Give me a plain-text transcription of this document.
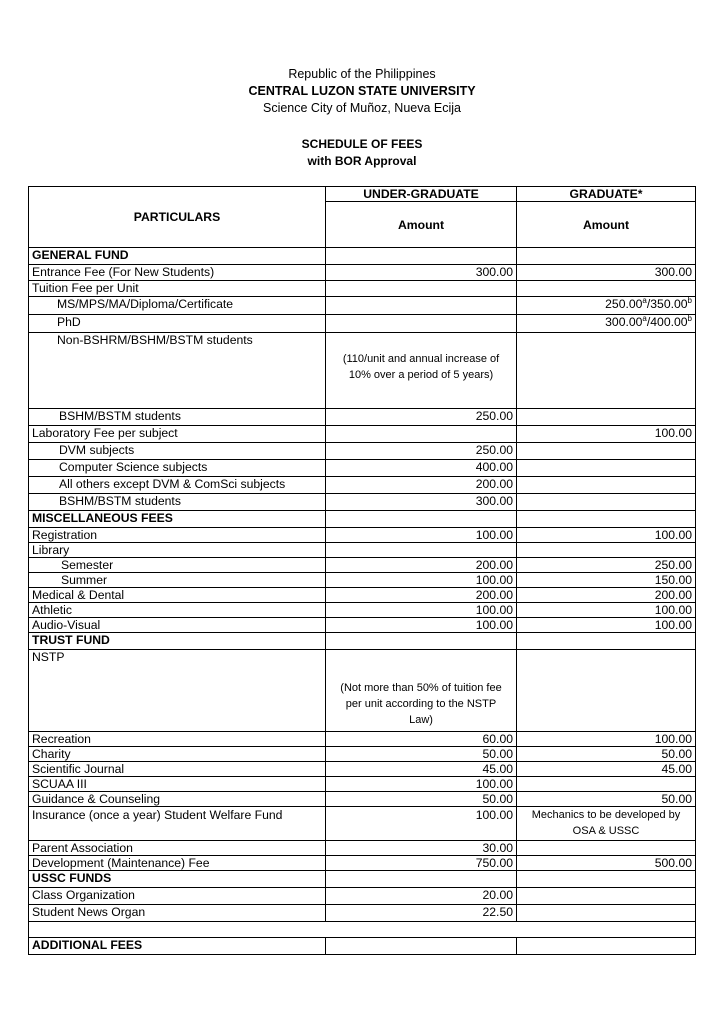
Republic of the Philippines
CENTRAL LUZON STATE UNIVERSITY
Science City of Muñoz, Nueva Ecija
SCHEDULE OF FEES
with BOR Approval
PARTICULARS	UNDER-GRADUATE	GRADUATE*
	Amount	Amount
GENERAL FUND		
Entrance Fee (For New Students)	300.00	300.00
Tuition Fee per Unit		
MS/MPS/MA/Diploma/Certificate		250.00$^a$/350.00$^b$
PhD		300.00$^a$/400.00$^b$
Non-BSHRM/BSHM/BSTM students	(110/unit and annual increase of 10% over a period of 5 years)	
BSHM/BSTM students	250.00	
Laboratory Fee per subject		100.00
DVM subjects	250.00	
Computer Science subjects	400.00	
All others except DVM & ComSci subjects	200.00	
BSHM/BSTM students	300.00	
MISCELLANEOUS FEES		
Registration	100.00	100.00
Library		
Semester	200.00	250.00
Summer	100.00	150.00
Medical & Dental	200.00	200.00
Athletic	100.00	100.00
Audio-Visual	100.00	100.00
TRUST FUND		
NSTP	(Not more than 50% of tuition fee per unit according to the NSTP Law)	
Recreation	60.00	100.00
Charity	50.00	50.00
Scientific Journal	45.00	45.00
SCUAA III	100.00	
Guidance & Counseling	50.00	50.00
Insurance (once a year) Student Welfare Fund	100.00	Mechanics to be developed by OSA & USSC
Parent Association	30.00	
Development (Maintenance) Fee	750.00	500.00
USSC FUNDS		
Class Organization	20.00	
Student News Organ	22.50	

ADDITIONAL FEES		
